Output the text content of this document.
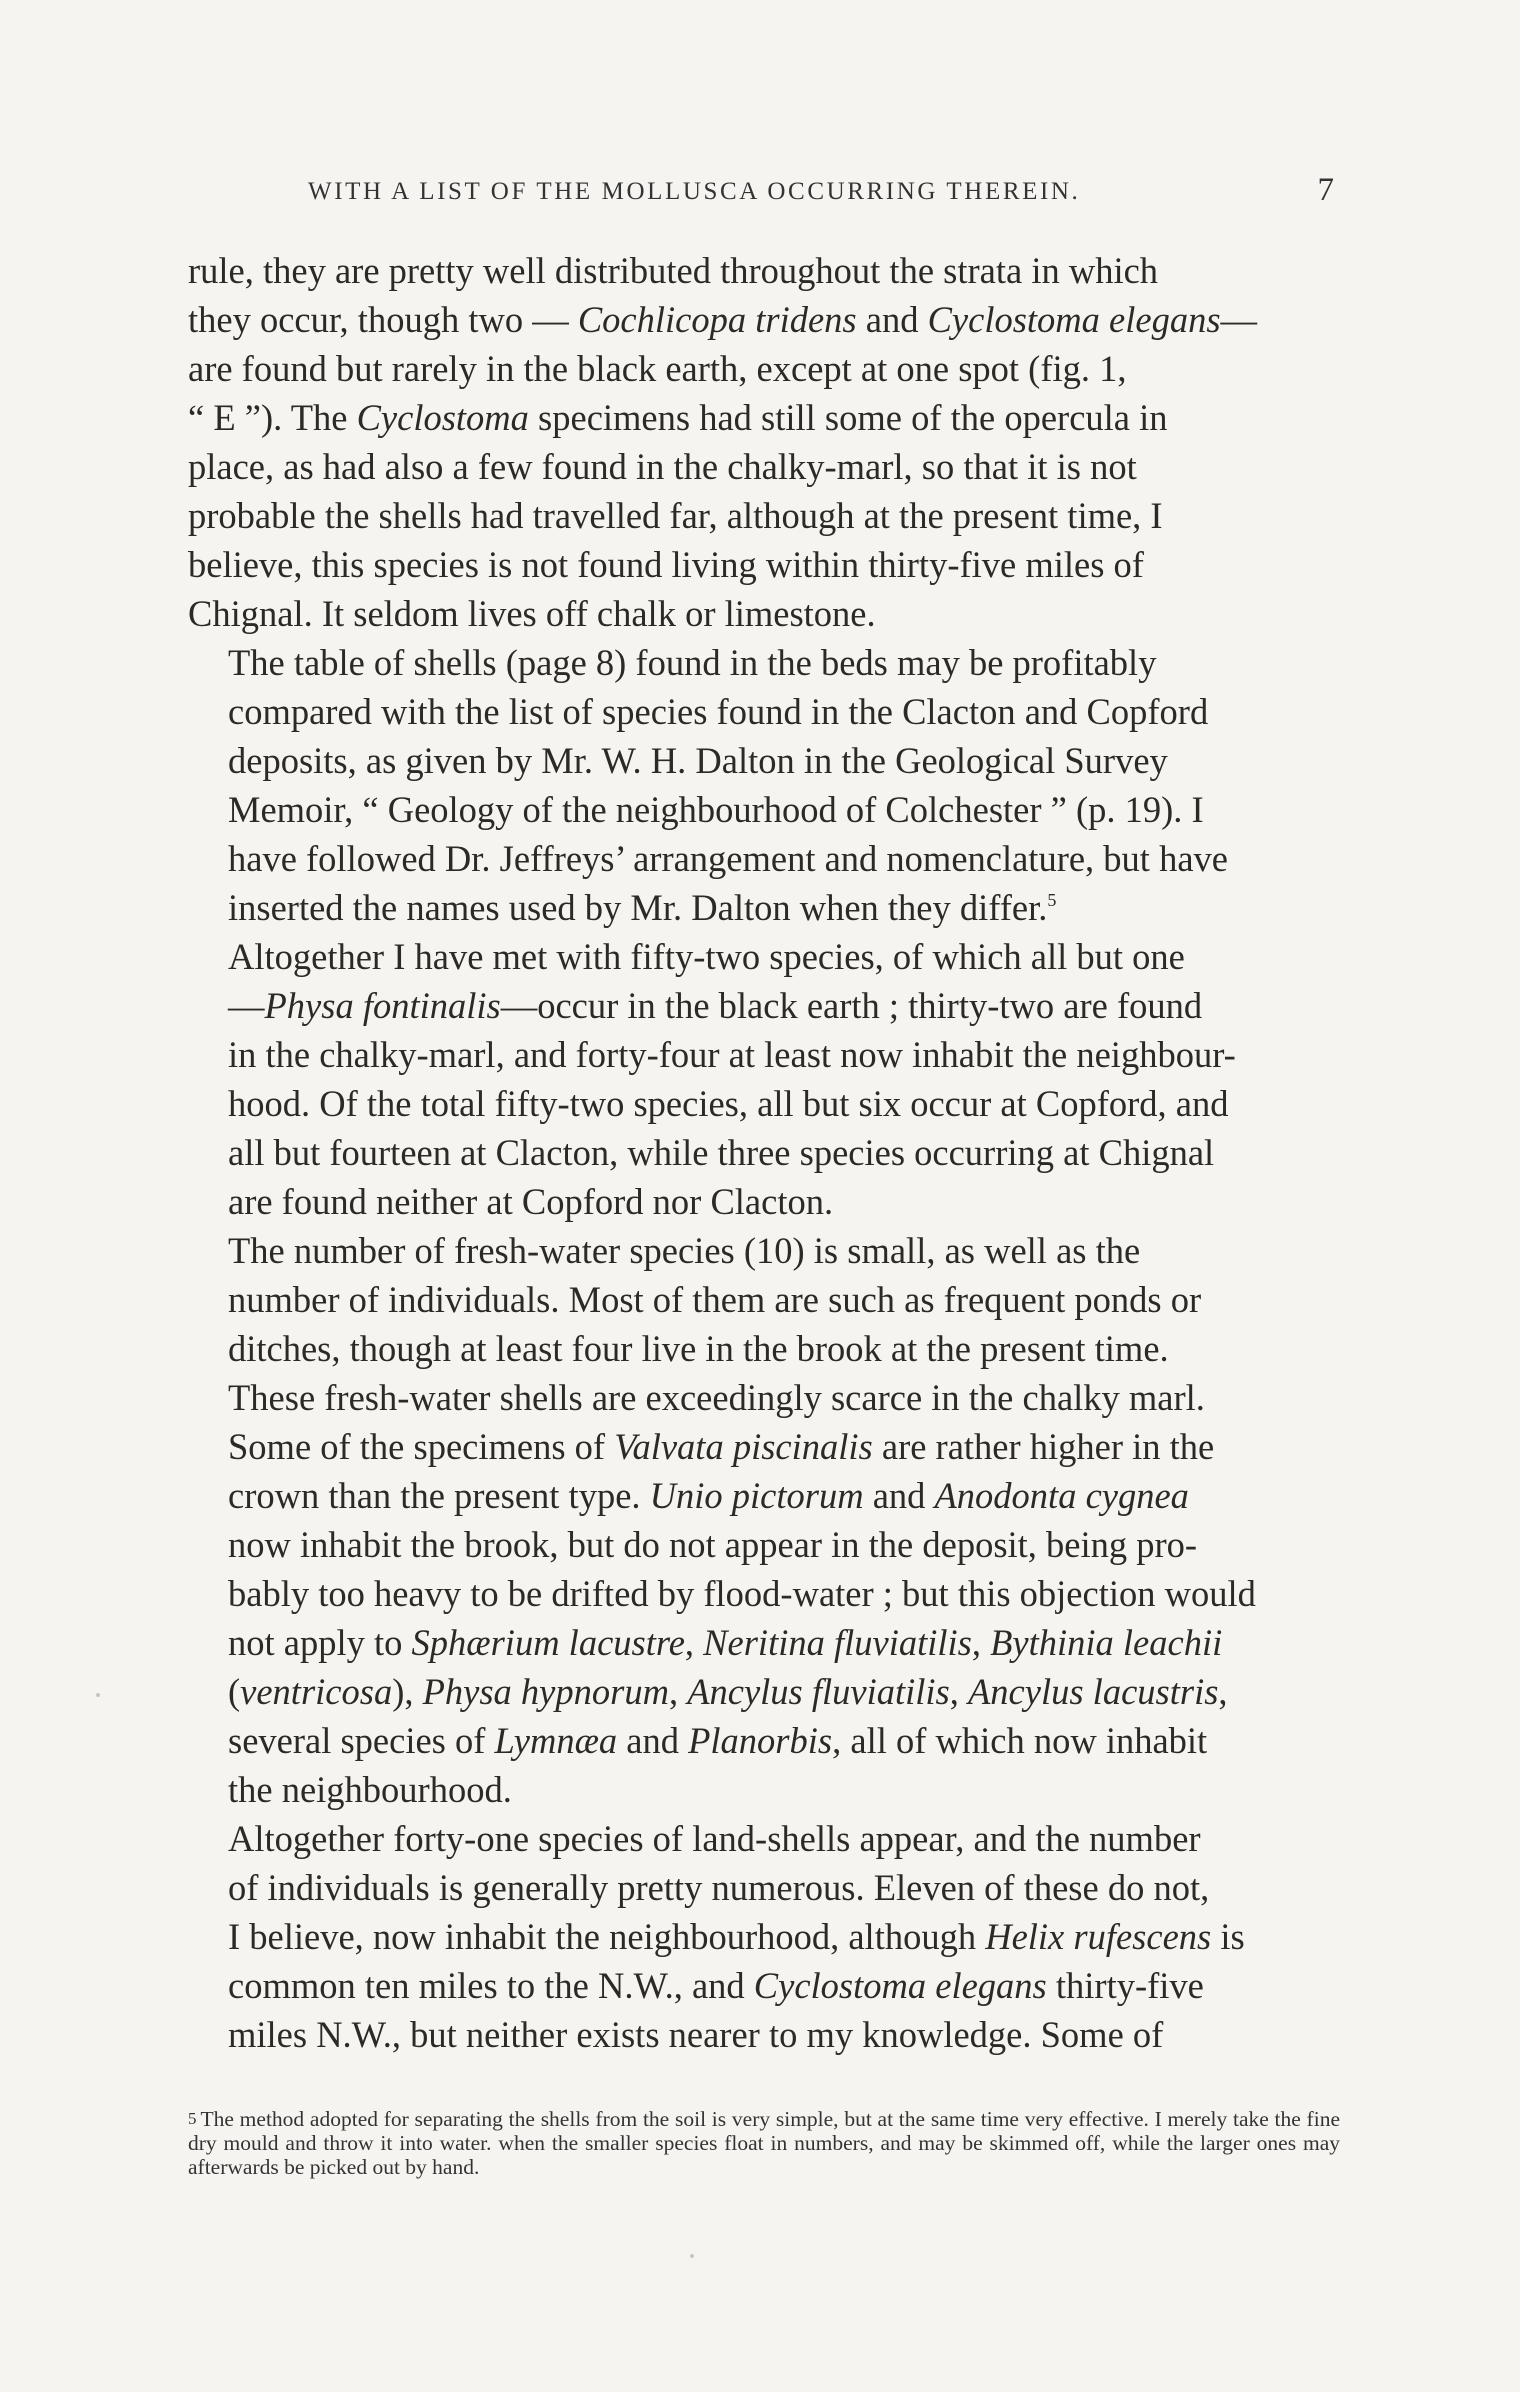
WITH A LIST OF THE MOLLUSCA OCCURRING THEREIN.	7

rule, they are pretty well distributed throughout the strata in which
they occur, though two — Cochlicopa tridens and Cyclostoma elegans—
are found but rarely in the black earth, except at one spot (fig. 1,
“ E ”). The Cyclostoma specimens had still some of the opercula in
place, as had also a few found in the chalky-marl, so that it is not
probable the shells had travelled far, although at the present time, I
believe, this species is not found living within thirty-five miles of
Chignal. It seldom lives off chalk or limestone.

The table of shells (page 8) found in the beds may be profitably
compared with the list of species found in the Clacton and Copford
deposits, as given by Mr. W. H. Dalton in the Geological Survey
Memoir, “ Geology of the neighbourhood of Colchester ” (p. 19). I
have followed Dr. Jeffreys’ arrangement and nomenclature, but have
inserted the names used by Mr. Dalton when they differ.$^5$

Altogether I have met with fifty-two species, of which all but one
—Physa fontinalis—occur in the black earth ; thirty-two are found
in the chalky-marl, and forty-four at least now inhabit the neighbour-
hood. Of the total fifty-two species, all but six occur at Copford, and
all but fourteen at Clacton, while three species occurring at Chignal
are found neither at Copford nor Clacton.

The number of fresh-water species (10) is small, as well as the
number of individuals. Most of them are such as frequent ponds or
ditches, though at least four live in the brook at the present time.
These fresh-water shells are exceedingly scarce in the chalky marl.
Some of the specimens of Valvata piscinalis are rather higher in the
crown than the present type. Unio pictorum and Anodonta cygnea
now inhabit the brook, but do not appear in the deposit, being pro-
bably too heavy to be drifted by flood-water ; but this objection would
not apply to Sphærium lacustre, Neritina fluviatilis, Bythinia leachii
(ventricosa), Physa hypnorum, Ancylus fluviatilis, Ancylus lacustris,
several species of Lymnæa and Planorbis, all of which now inhabit
the neighbourhood.

Altogether forty-one species of land-shells appear, and the number
of individuals is generally pretty numerous. Eleven of these do not,
I believe, now inhabit the neighbourhood, although Helix rufescens is
common ten miles to the N.W., and Cyclostoma elegans thirty-five
miles N.W., but neither exists nearer to my knowledge. Some of

5 The method adopted for separating the shells from the soil is very simple, but at the same time very effective. I merely take the fine dry mould and throw it into water. when the smaller species float in numbers, and may be skimmed off, while the larger ones may afterwards be picked out by hand.
